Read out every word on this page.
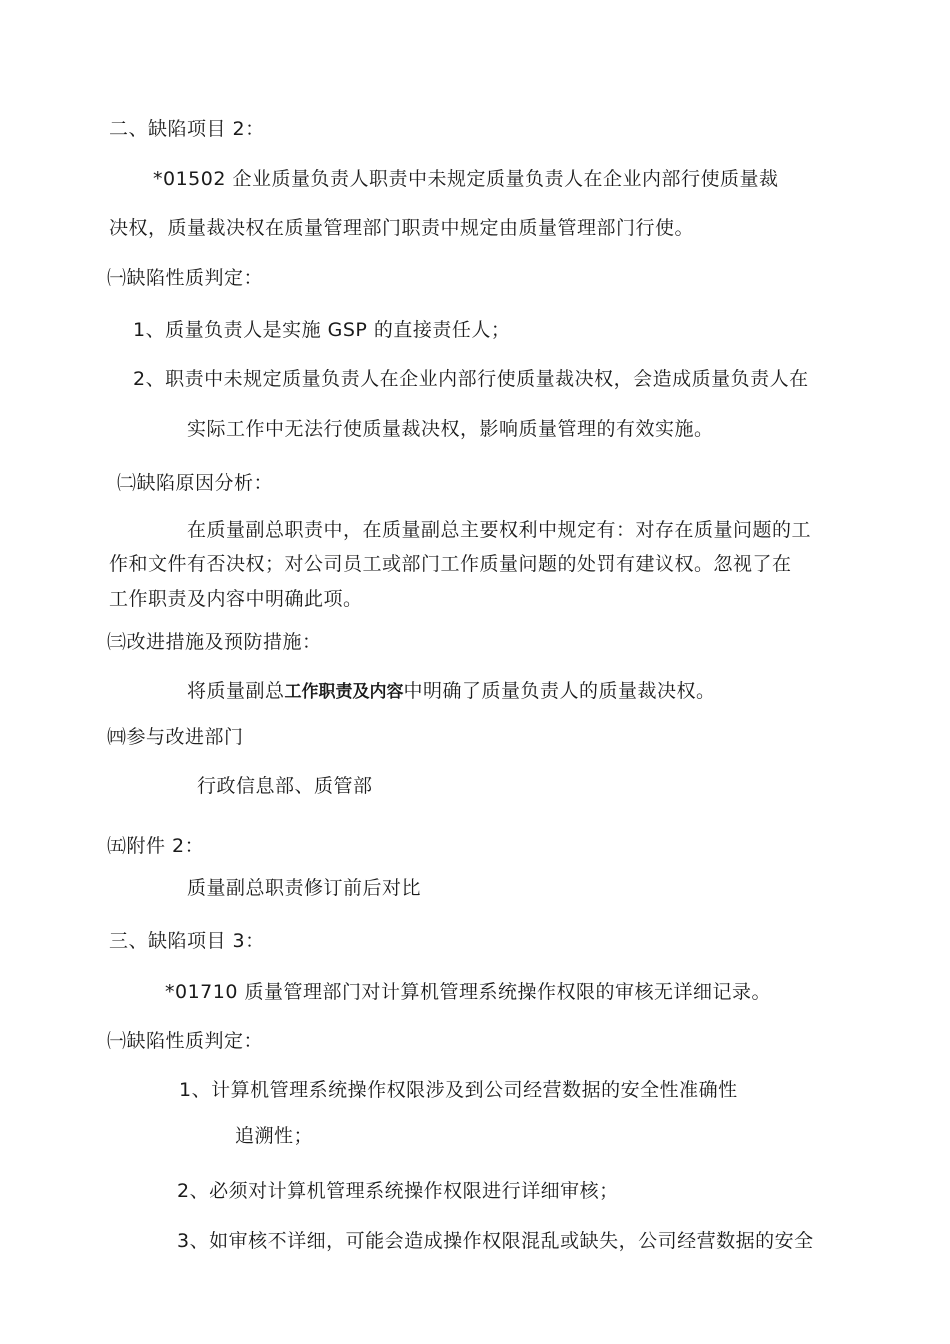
二、缺陷项目 2：
*01502 企业质量负责人职责中未规定质量负责人在企业内部行使质量裁
决权，质量裁决权在质量管理部门职责中规定由质量管理部门行使。
㈠缺陷性质判定：
1、质量负责人是实施 GSP 的直接责任人；
2、职责中未规定质量负责人在企业内部行使质量裁决权，会造成质量负责人在
实际工作中无法行使质量裁决权，影响质量管理的有效实施。
㈡缺陷原因分析：
在质量副总职责中，在质量副总主要权利中规定有：对存在质量问题的工
作和文件有否决权；对公司员工或部门工作质量问题的处罚有建议权。忽视了在
工作职责及内容中明确此项。
㈢改进措施及预防措施：
将质量副总工作职责及内容中明确了质量负责人的质量裁决权。
㈣参与改进部门
行政信息部、质管部
㈤附件 2：
质量副总职责修订前后对比
三、缺陷项目 3：
*01710 质量管理部门对计算机管理系统操作权限的审核无详细记录。
㈠缺陷性质判定：
1、计算机管理系统操作权限涉及到公司经营数据的安全性准确性
追溯性；
2、必须对计算机管理系统操作权限进行详细审核；
3、如审核不详细，可能会造成操作权限混乱或缺失，公司经营数据的安全
